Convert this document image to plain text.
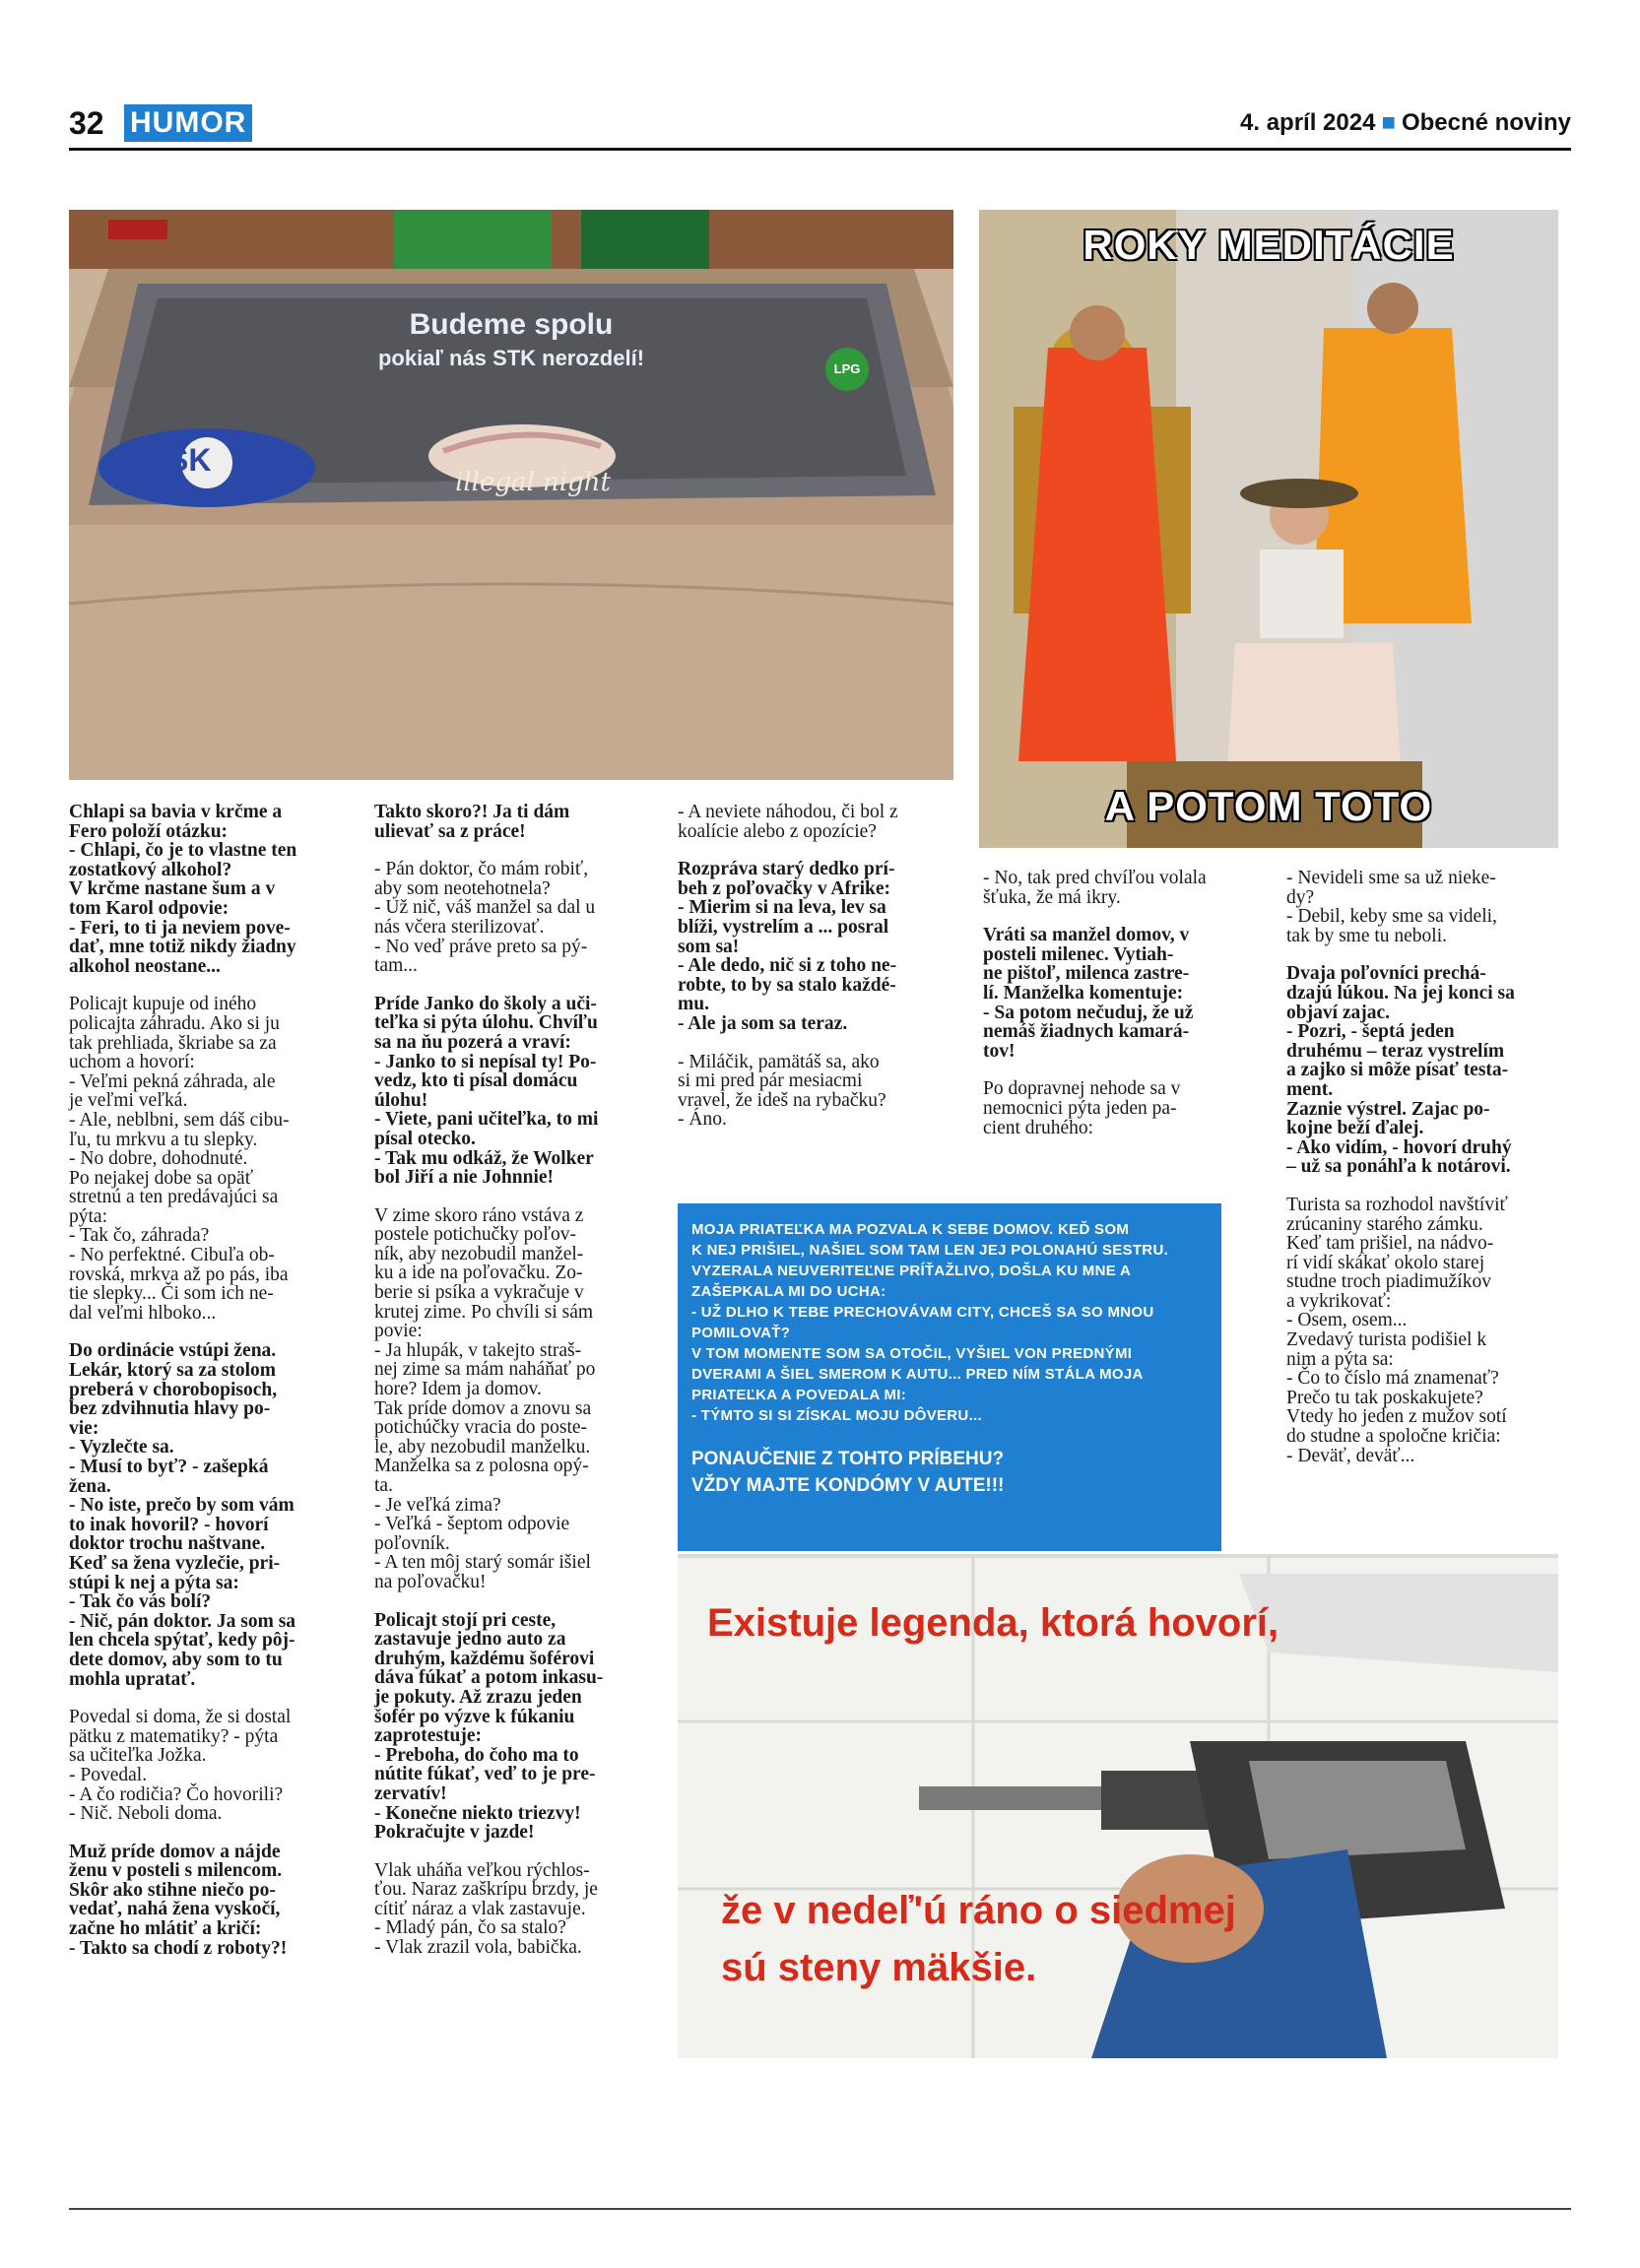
32 HUMOR	4. apríl 2024 ■ Obecné noviny
Budeme spolu
pokiaľ nás STK nerozdelí!	LPG
illegal night
SK
ROKY MEDITÁCIE
A POTOM TOTO
Existuje legenda, ktorá hovorí,
že v nedeľ'ú ráno o siedmej
sú steny mäkšie.
MOJA PRIATEĽKA MA POZVALA K SEBE DOMOV. KEĎ SOM
K NEJ PRIŠIEL, NAŠIEL SOM TAM LEN JEJ POLONAHÚ SESTRU.
VYZERALA NEUVERITEĽNE PRÍŤAŽLIVO, DOŠLA KU MNE A
ZAŠEPKALA MI DO UCHA:
- UŽ DLHO K TEBE PRECHOVÁVAM CITY, CHCEŠ SA SO MNOU
POMILOVAŤ?
V TOM MOMENTE SOM SA OTOČIL, VYŠIEL VON PREDNÝMI
DVERAMI A ŠIEL SMEROM K AUTU... PRED NÍM STÁLA MOJA
PRIATEĽKA A POVEDALA MI:
- TÝMTO SI SI ZÍSKAL MOJU DÔVERU...
PONAUČENIE Z TOHTO PRÍBEHU?
VŽDY MAJTE KONDÓMY V AUTE!!!

Chlapi sa bavia v krčme a
Fero položí otázku:
- Chlapi, čo je to vlastne ten
zostatkový alkohol?
V krčme nastane šum a v
tom Karol odpovie:
- Feri, to ti ja neviem pove-
dať, mne totiž nikdy žiadny
alkohol neostane...

Policajt kupuje od iného
policajta záhradu. Ako si ju
tak prehliada, škriabe sa za
uchom a hovorí:
- Veľmi pekná záhrada, ale
je veľmi veľká.
- Ale, neblbni, sem dáš cibu-
ľu, tu mrkvu a tu slepky.
- No dobre, dohodnuté.
Po nejakej dobe sa opäť
stretnú a ten predávajúci sa
pýta:
- Tak čo, záhrada?
- No perfektné. Cibuľa ob-
rovská, mrkva až po pás, iba
tie slepky... Či som ich ne-
dal veľmi hlboko...

Do ordinácie vstúpi žena.
Lekár, ktorý sa za stolom
preberá v chorobopisoch,
bez zdvihnutia hlavy po-
vie:
- Vyzlečte sa.
- Musí to byť? - zašepká
žena.
- No iste, prečo by som vám
to inak hovoril? - hovorí
doktor trochu naštvane.
Keď sa žena vyzlečie, pri-
stúpi k nej a pýta sa:
- Tak čo vás bolí?
- Nič, pán doktor. Ja som sa
len chcela spýtať, kedy pôj-
dete domov, aby som to tu
mohla upratať.

Povedal si doma, že si dostal
pätku z matematiky? - pýta
sa učiteľka Jožka.
- Povedal.
- A čo rodičia? Čo hovorili?
- Nič. Neboli doma.

Muž príde domov a nájde
ženu v posteli s milencom.
Skôr ako stihne niečo po-
vedať, nahá žena vyskočí,
začne ho mlátiť a kričí:
- Takto sa chodí z roboty?!

Takto skoro?! Ja ti dám
ulievať sa z práce!

- Pán doktor, čo mám robiť,
aby som neotehotnela?
- Už nič, váš manžel sa dal u
nás včera sterilizovať.
- No veď práve preto sa pý-
tam...

Príde Janko do školy a uči-
teľka si pýta úlohu. Chvíľu
sa na ňu pozerá a vraví:
- Janko to si nepísal ty! Po-
vedz, kto ti písal domácu
úlohu!
- Viete, pani učiteľka, to mi
písal otecko.
- Tak mu odkáž, že Wolker
bol Jiří a nie Johnnie!

V zime skoro ráno vstáva z
postele potichučky poľov-
ník, aby nezobudil manžel-
ku a ide na poľovačku. Zo-
berie si psíka a vykračuje v
krutej zime. Po chvíli si sám
povie:
- Ja hlupák, v takejto straš-
nej zime sa mám naháňať po
hore? Idem ja domov.
Tak príde domov a znovu sa
potichúčky vracia do poste-
le, aby nezobudil manželku.
Manželka sa z polosna opý-
ta.
- Je veľká zima?
- Veľká - šeptom odpovie
poľovník.
- A ten môj starý somár išiel
na poľovačku!

Policajt stojí pri ceste,
zastavuje jedno auto za
druhým, každému šoférovi
dáva fúkať a potom inkasu-
je pokuty. Až zrazu jeden
šofér po výzve k fúkaniu
zaprotestuje:
- Preboha, do čoho ma to
nútite fúkať, veď to je pre-
zervatív!
- Konečne niekto triezvy!
Pokračujte v jazde!

Vlak uháňa veľkou rýchlos-
ťou. Naraz zaškrípu brzdy, je
cítiť náraz a vlak zastavuje.
- Mladý pán, čo sa stalo?
- Vlak zrazil vola, babička.

- A neviete náhodou, či bol z
koalície alebo z opozície?

Rozpráva starý dedko prí-
beh z poľovačky v Afrike:
- Mierim si na leva, lev sa
blíži, vystrelím a ... posral
som sa!
- Ale dedo, nič si z toho ne-
robte, to by sa stalo každé-
mu.
- Ale ja som sa teraz.

- Miláčik, pamätáš sa, ako
si mi pred pár mesiacmi
vravel, že ideš na rybačku?
- Áno.

- No, tak pred chvíľou volala
šťuka, že má ikry.

Vráti sa manžel domov, v
posteli milenec. Vytiah-
ne pištoľ, milenca zastre-
lí. Manželka komentuje:
- Sa potom nečuduj, že už
nemáš žiadnych kamará-
tov!

Po dopravnej nehode sa v
nemocnici pýta jeden pa-
cient druhého:

- Nevideli sme sa už nieke-
dy?
- Debil, keby sme sa videli,
tak by sme tu neboli.

Dvaja poľovníci prechá-
dzajú lúkou. Na jej konci sa
objaví zajac.
- Pozri, - šeptá jeden
druhému – teraz vystrelím
a zajko si môže písať testa-
ment.
Zaznie výstrel. Zajac po-
kojne beží ďalej.
- Ako vidím, - hovorí druhý
– už sa ponáhľa k notárovi.

Turista sa rozhodol navštíviť
zrúcaniny starého zámku.
Keď tam prišiel, na nádvo-
rí vidí skákať okolo starej
studne troch piadimužíkov
a vykrikovať:
- Osem, osem...
Zvedavý turista podišiel k
nim a pýta sa:
- Čo to číslo má znamenať?
Prečo tu tak poskakujete?
Vtedy ho jeden z mužov sotí
do studne a spoločne kričia:
- Deväť, deväť...
